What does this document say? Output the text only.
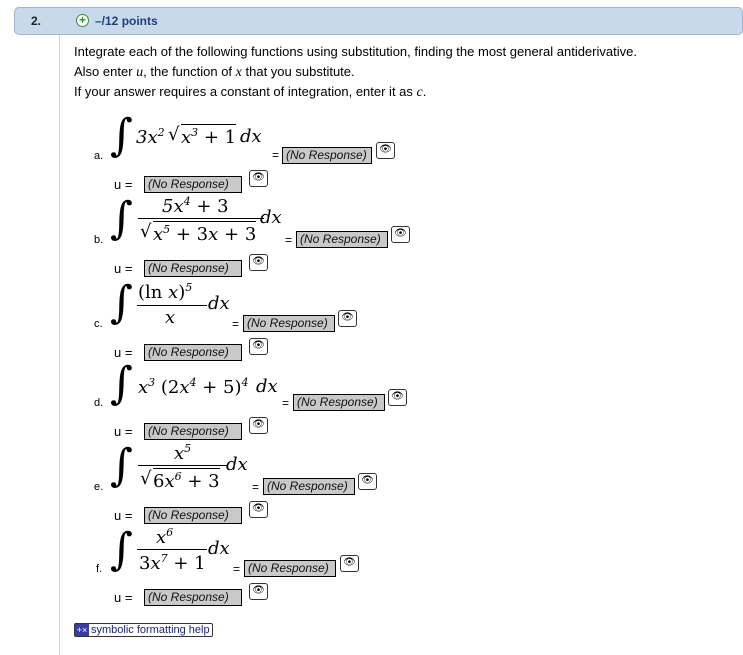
2.	+ –/12 points
Integrate each of the following functions using substitution, finding the most general antiderivative.
Also enter u, the function of x that you substitute.
If your answer requires a constant of integration, enter it as c.
a. ∫ $3x^2$ √ $x^3 + 1$ dx
= (No Response)	👁
u =	(No Response)	👁
b. ∫ $5x^4 + 3$
√ $x^5 + 3x + 3$
dx
= (No Response)	👁
u =	(No Response)	👁
c. ∫ (ln x)$^5$
x
dx
= (No Response)	👁
u =	(No Response)	👁
d. ∫ $x^3$ $(2x^4 + 5)^4$ dx
= (No Response)	👁
u =	(No Response)	👁
e. ∫ $x^5$
√ $6x^6 + 3$
dx
= (No Response)	👁
u =	(No Response)	👁
f. ∫ $x^6$
$3x^7 + 1$
dx
= (No Response)	👁
u =	(No Response)	👁
+× symbolic formatting help
